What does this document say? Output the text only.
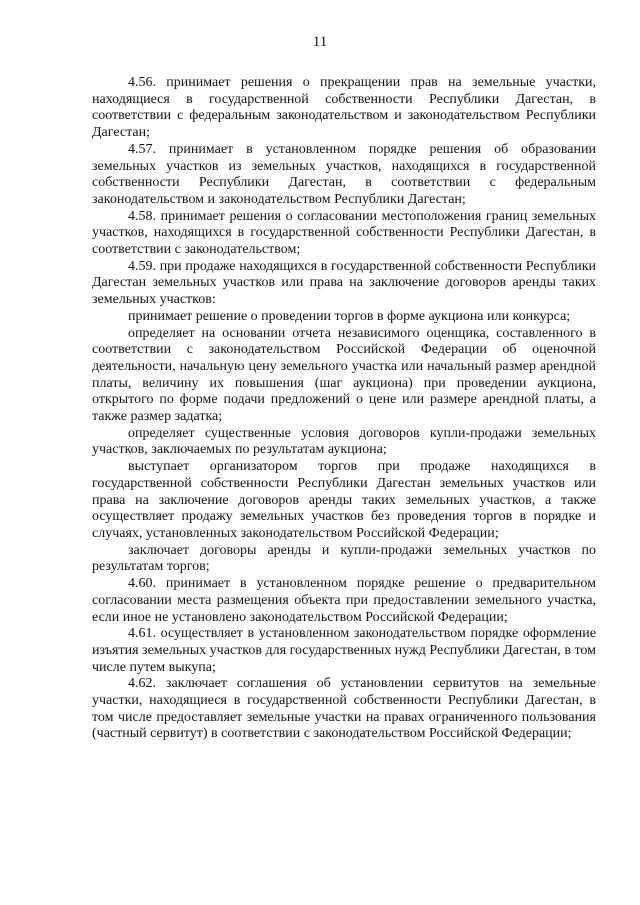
11

4.56. принимает решения о прекращении прав на земельные участки, находящиеся в государственной собственности Республики Дагестан, в соответствии с федеральным законодательством и законодательством Республики Дагестан;

4.57. принимает в установленном порядке решения об образовании земельных участков из земельных участков, находящихся в государственной собственности Республики Дагестан, в соответствии с федеральным законодательством и законодательством Республики Дагестан;

4.58. принимает решения о согласовании местоположения границ земельных участков, находящихся в государственной собственности Республики Дагестан, в соответствии с законодательством;

4.59. при продаже находящихся в государственной собственности Республики Дагестан земельных участков или права на заключение договоров аренды таких земельных участков:

принимает решение о проведении торгов в форме аукциона или конкурса;

определяет на основании отчета независимого оценщика, составленного в соответствии с законодательством Российской Федерации об оценочной деятельности, начальную цену земельного участка или начальный размер арендной платы, величину их повышения (шаг аукциона) при проведении аукциона, открытого по форме подачи предложений о цене или размере арендной платы, а также размер задатка;

определяет существенные условия договоров купли-продажи земельных участков, заключаемых по результатам аукциона;

выступает организатором торгов при продаже находящихся в государственной собственности Республики Дагестан земельных участков или права на заключение договоров аренды таких земельных участков, а также осуществляет продажу земельных участков без проведения торгов в порядке и случаях, установленных законодательством Российской Федерации;

заключает договоры аренды и купли-продажи земельных участков по результатам торгов;

4.60. принимает в установленном порядке решение о предварительном согласовании места размещения объекта при предоставлении земельного участка, если иное не установлено законодательством Российской Федерации;

4.61. осуществляет в установленном законодательством порядке оформление изъятия земельных участков для государственных нужд Республики Дагестан, в том числе путем выкупа;

4.62. заключает соглашения об установлении сервитутов на земельные участки, находящиеся в государственной собственности Республики Дагестан, в том числе предоставляет земельные участки на правах ограниченного пользования (частный сервитут) в соответствии с законодательством Российской Федерации;
